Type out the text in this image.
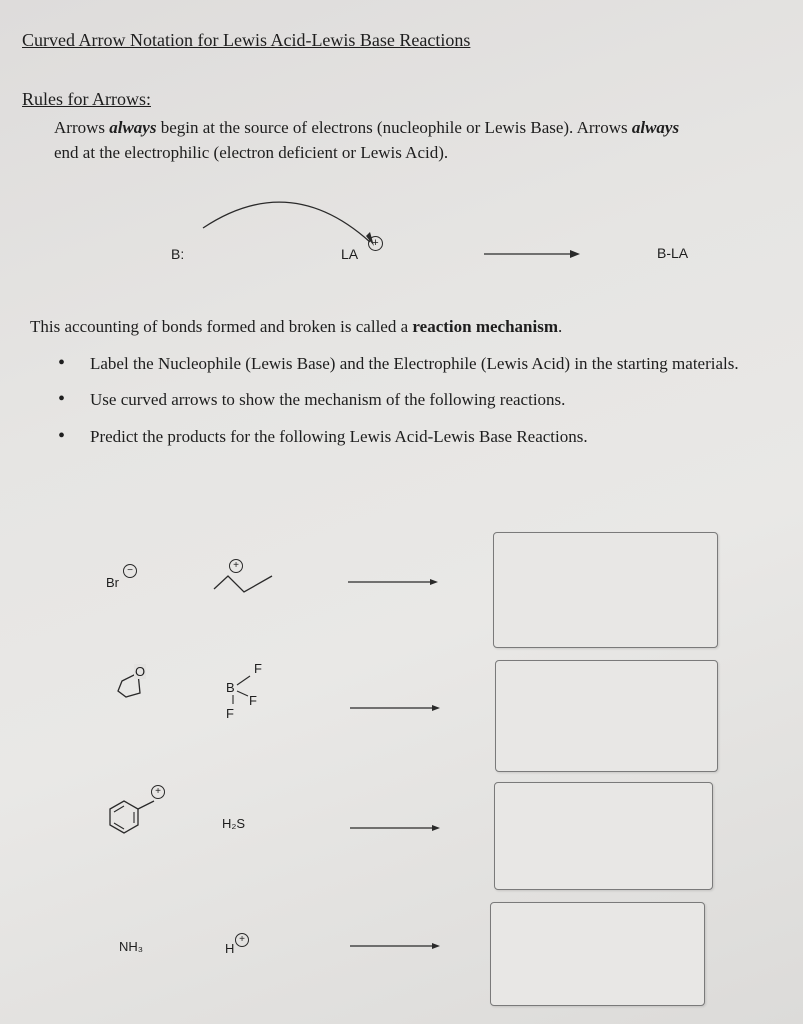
Curved Arrow Notation for Lewis Acid-Lewis Base Reactions
Rules for Arrows:
Arrows always begin at the source of electrons (nucleophile or Lewis Base). Arrows always
end at the electrophilic (electron deficient or Lewis Acid).
B:	LA
+
B-LA
This accounting of bonds formed and broken is called a reaction mechanism.
• Label the Nucleophile (Lewis Base) and the Electrophile (Lewis Acid) in the starting materials.
• Use curved arrows to show the mechanism of the following reactions.
• Predict the products for the following Lewis Acid-Lewis Base Reactions.
Br
−	+
O	F
B
F
F
+
H₂S
NH₃	H
+
